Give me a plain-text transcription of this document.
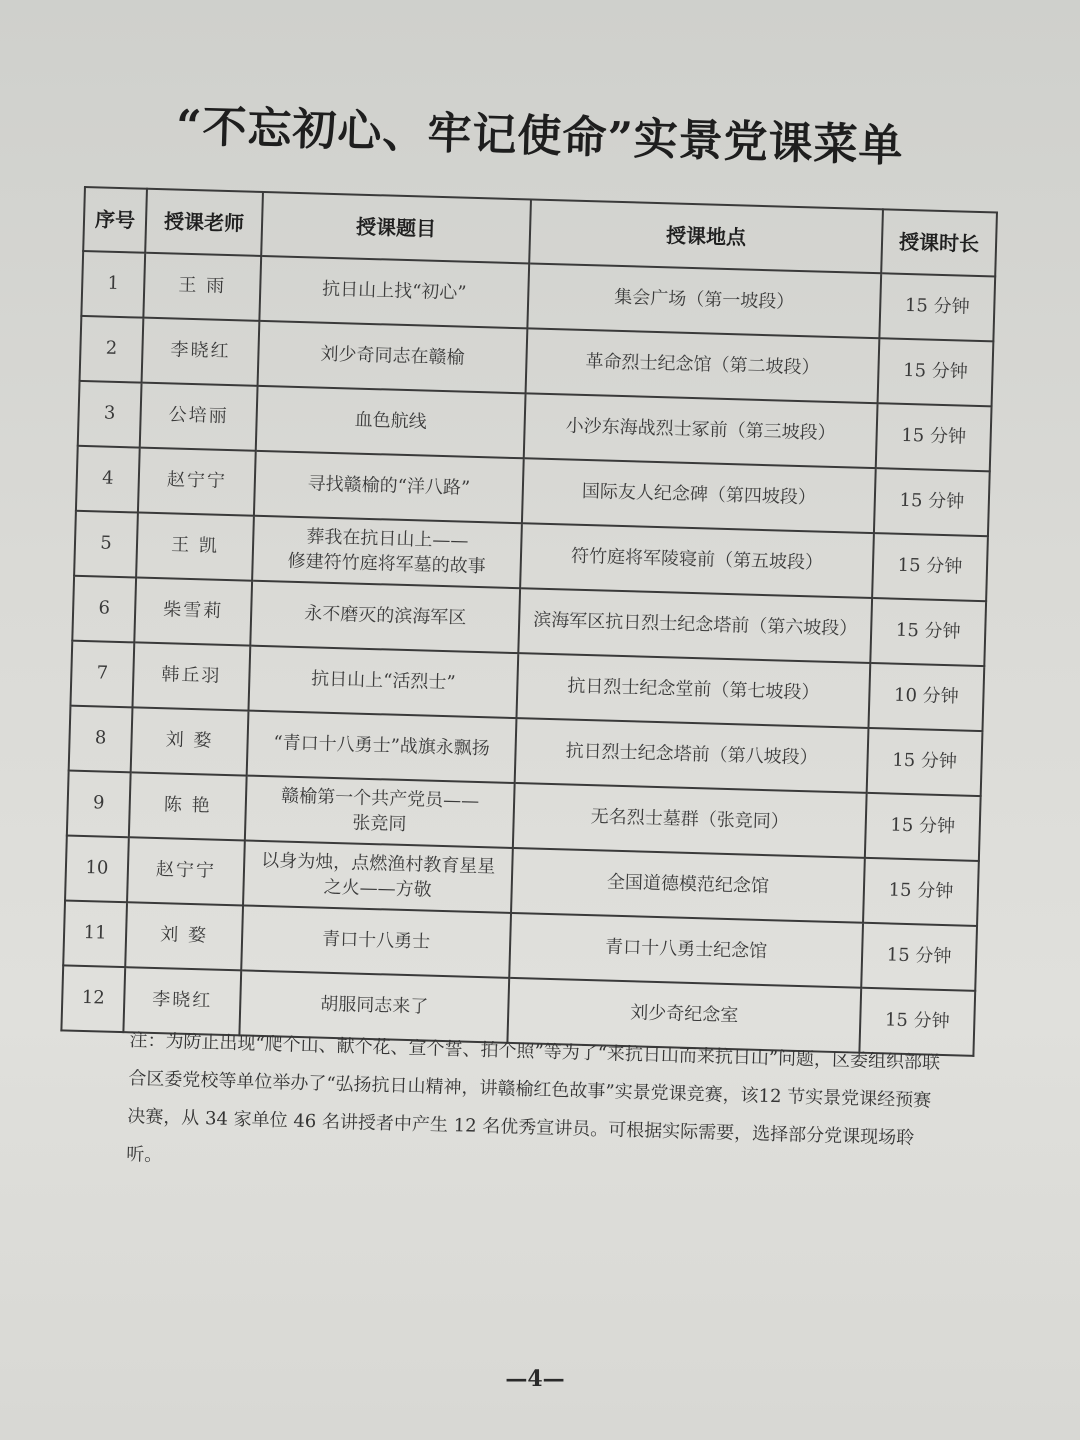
“不忘初心、牢记使命”实景党课菜单
序号	授课老师	授课题目	授课地点	授课时长
1	王 雨	抗日山上找“初心”	集会广场（第一坡段）	15 分钟
2	李晓红	刘少奇同志在赣榆	革命烈士纪念馆（第二坡段）	15 分钟
3	公培丽	血色航线	小沙东海战烈士冢前（第三坡段）	15 分钟
4	赵宁宁	寻找赣榆的“洋八路”	国际友人纪念碑（第四坡段）	15 分钟
5	王 凯	葬我在抗日山上——
修建符竹庭将军墓的故事	符竹庭将军陵寝前（第五坡段）	15 分钟
6	柴雪莉	永不磨灭的滨海军区	滨海军区抗日烈士纪念塔前（第六坡段）	15 分钟
7	韩丘羽	抗日山上“活烈士”	抗日烈士纪念堂前（第七坡段）	10 分钟
8	刘 婺	“青口十八勇士”战旗永飘扬	抗日烈士纪念塔前（第八坡段）	15 分钟
9	陈 艳	赣榆第一个共产党员——
张竞同	无名烈士墓群（张竞同）	15 分钟
10	赵宁宁	以身为烛，点燃渔村教育星星
之火——方敬	全国道德模范纪念馆	15 分钟
11	刘 婺	青口十八勇士	青口十八勇士纪念馆	15 分钟
12	李晓红	胡服同志来了	刘少奇纪念室	15 分钟
注：为防止出现“爬个山、献个花、宣个誓、拍个照”等为了“来抗日山而来抗日山”问题，区委组织部联合区委党校等单位举办了“弘扬抗日山精神，讲赣榆红色故事”实景党课竞赛，该12 节实景党课经预赛决赛，从 34 家单位 46 名讲授者中产生 12 名优秀宣讲员。可根据实际需要，选择部分党课现场聆听。
—4—
